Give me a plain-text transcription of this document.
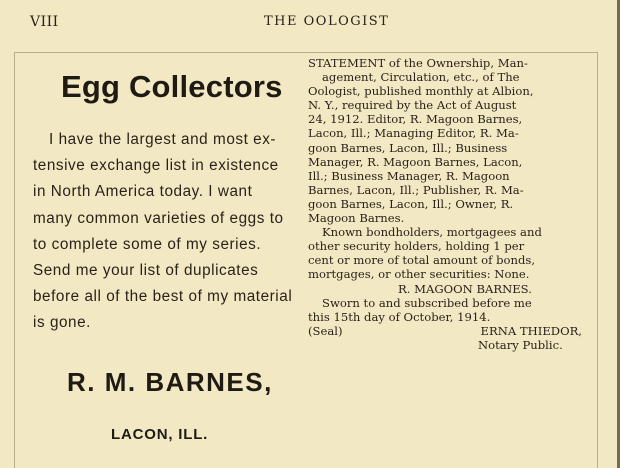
VIII	THE OOLOGIST
Egg Collectors
I have the largest and most ex-
tensive exchange list in existence
in North America today. I want
many common varieties of eggs to
to complete some of my series.
Send me your list of duplicates
before all of the best of my material
is gone.
R. M. BARNES,
LACON, ILL.
STATEMENT of the Ownership, Man-
agement, Circulation, etc., of The
Oologist, published monthly at Albion,
N. Y., required by the Act of August
24, 1912. Editor, R. Magoon Barnes,
Lacon, Ill.; Managing Editor, R. Ma-
goon Barnes, Lacon, Ill.; Business
Manager, R. Magoon Barnes, Lacon,
Ill.; Business Manager, R. Magoon
Barnes, Lacon, Ill.; Publisher, R. Ma-
goon Barnes, Lacon, Ill.; Owner, R.
Magoon Barnes.
Known bondholders, mortgagees and
other security holders, holding 1 per
cent or more of total amount of bonds,
mortgages, or other securities: None.
R. MAGOON BARNES.
Sworn to and subscribed before me
this 15th day of October, 1914.
(Seal)	ERNA THIEDOR,
Notary Public.
